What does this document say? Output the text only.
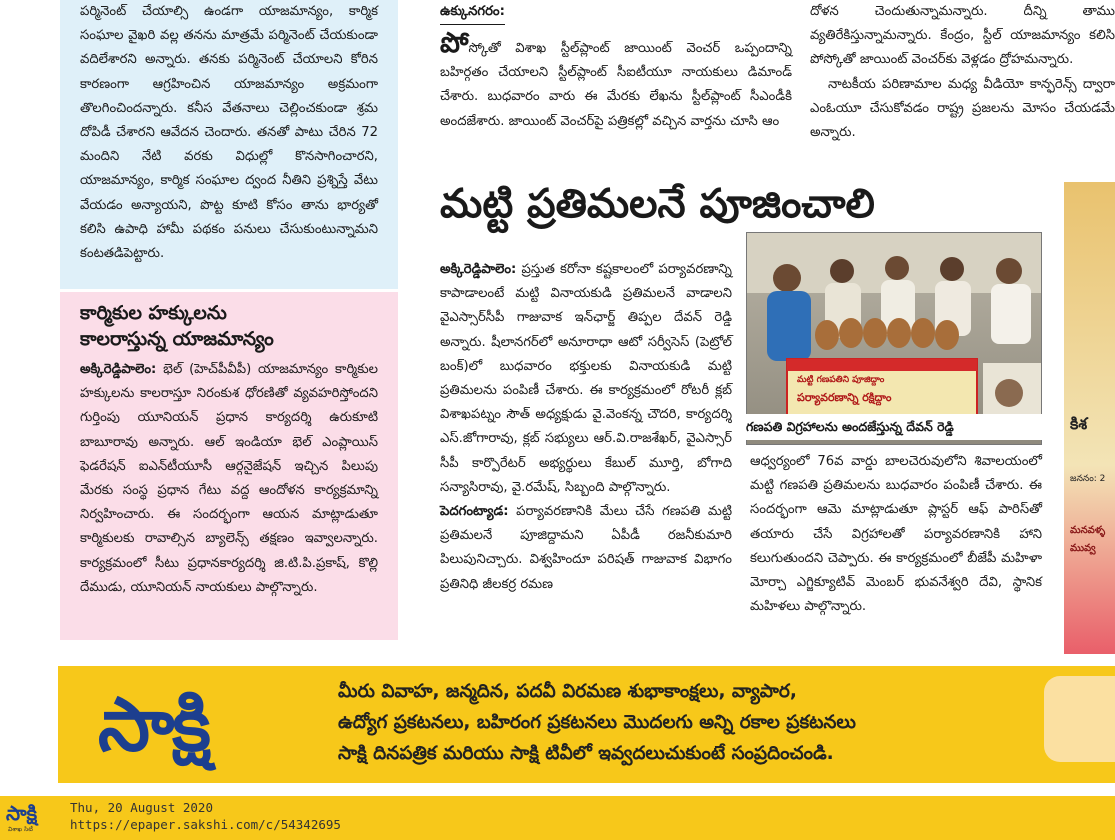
పర్మినెంట్ చేయాల్సి ఉండగా యాజమాన్యం, కార్మిక సంఘాల వైఖరి వల్ల తనను మాత్రమే పర్మినెంట్ చేయకుండా వదిలేశారని అన్నారు. తనకు పర్మినెంట్ చేయాలని కోరిన కారణంగా ఆగ్రహించిన యాజమాన్యం అక్రమంగా తొలగించిందన్నారు. కనీస వేతనాలు చెల్లించకుండా శ్రమ దోపిడీ చేశారని ఆవేదన చెందారు. తనతో పాటు చేరిన 72 మందిని నేటి వరకు విధుల్లో కొనసాగించారని, యాజమాన్యం, కార్మిక సంఘాల ద్వంద నీతిని ప్రశ్నిస్తే వేటు వేయడం అన్యాయని, పొట్ట కూటి కోసం తాను భార్యతో కలిసి ఉపాధి హామీ పథకం పనులు చేసుకుంటున్నామని కంటతడిపెట్టారు.

కార్మికుల హక్కులను
కాలరాస్తున్న యాజమాన్యం

అక్కిరెడ్డిపాలెం: భెల్ (హెచ్‌పీవీపీ) యాజమాన్యం కార్మికుల హక్కులను కాలరాస్తూ నిరంకుశ ధోరణితో వ్యవహరిస్తోందని గుర్తింపు యూనియన్ ప్రధాన కార్యదర్శి ఉరుకూటి బాబూరావు అన్నారు. ఆల్ ఇండియా భెల్ ఎంప్లాయిస్ ఫెడరేషన్ ఐఎన్‌టీయూసీ ఆర్గనైజేషన్ ఇచ్చిన పిలుపు మేరకు సంస్థ ప్రధాన గేటు వద్ద ఆందోళన కార్యక్రమాన్ని నిర్వహించారు. ఈ సందర్భంగా ఆయన మాట్లాడుతూ కార్మికులకు రావాల్సిన బ్యాలెన్స్ తక్షణం ఇవ్వాలన్నారు. కార్యక్రమంలో సీటు ప్రధానకార్యదర్శి జి.టి.పి.ప్రకాష్, కొల్లి దేముడు, యూనియన్ నాయకులు పాల్గొన్నారు.

ఉక్కునగరం:

పోస్కోతో విశాఖ స్టీల్‌ప్లాంట్ జాయింట్ వెంచర్ ఒప్పందాన్ని బహిర్గతం చేయాలని స్టీల్‌ప్లాంట్ సీఐటీయూ నాయకులు డిమాండ్ చేశారు. బుధవారం వారు ఈ మేరకు లేఖను స్టీల్‌ప్లాంట్ సీఎండీకి అందజేశారు. జాయింట్ వెంచర్‌పై పత్రికల్లో వచ్చిన వార్తను చూసి ఆం

దోళన చెందుతున్నామన్నారు. దీన్ని తాము వ్యతిరేకిస్తున్నామన్నారు. కేంద్రం, స్టీల్ యాజమాన్యం కలిసి పోస్కోతో జాయింట్ వెంచర్‌కు వెళ్లడం ద్రోహమన్నారు.

నాటకీయ పరిణామాల మధ్య వీడియో కాన్ఫరెన్స్ ద్వారా ఎంఓయూ చేసుకోవడం రాష్ట్ర ప్రజలను మోసం చేయడమే అన్నారు.

మట్టి ప్రతిమలనే పూజించాలి
మట్టి గణపతిని పూజిద్దాం
పర్యావరణాన్ని రక్షిద్దాం
గణపతి విగ్రహాలను అందజేస్తున్న దేవన్ రెడ్డి

అక్కిరెడ్డిపాలెం: ప్రస్తుత కరోనా కష్టకాలంలో పర్యావరణాన్ని కాపాడాలంటే మట్టి వినాయకుడి ప్రతిమలనే వాడాలని వైఎస్సార్‌సీపీ గాజువాక ఇన్‌ఛార్జ్ తిప్పల దేవన్ రెడ్డి అన్నారు. షీలానగర్‌లో అనూరాధా ఆటో సర్వీసెస్ (పెట్రోల్ బంక్)లో బుధవారం భక్తులకు వినాయకుడి మట్టి ప్రతిమలను పంపిణీ చేశారు. ఈ కార్యక్రమంలో రోటరీ క్లబ్ విశాఖపట్నం సౌత్ అధ్యక్షుడు వై.వెంకన్న చౌదరి, కార్యదర్శి ఎస్.జోగారావు, క్లబ్ సభ్యులు ఆర్.వి.రాజశేఖర్, వైఎస్సార్ సీపీ కార్పొరేటర్ అభ్యర్థులు కేబుల్ మూర్తి, బోగాది సన్యాసిరావు, వై.రమేష్, సిబ్బంది పాల్గొన్నారు.

పెదగంట్యాడ: పర్యావరణానికి మేలు చేసే గణపతి మట్టి ప్రతిమలనే పూజిద్దామని ఏపీడీ రజనీకుమారి పిలుపునిచ్చారు. విశ్వహిందూ పరిషత్ గాజువాక విభాగం ప్రతినిధి జీలకర్ర రమణ

ఆధ్వర్యంలో 76వ వార్డు బాలచెరువులోని శివాలయంలో మట్టి గణపతి ప్రతిమలను బుధవారం పంపిణీ చేశారు. ఈ సందర్భంగా ఆమె మాట్లాడుతూ ప్లాస్టర్ ఆఫ్ పారిస్‌తో తయారు చేసే విగ్రహాలతో పర్యావరణానికి హాని కలుగుతుందని చెప్పారు. ఈ కార్యక్రమంలో బీజేపీ మహిళా మోర్చా ఎగ్జిక్యూటివ్ మెంబర్ భువనేశ్వరి దేవి, స్థానిక మహిళలు పాల్గొన్నారు.

కిశ
జననం: 2
మనవళ్ళ
మువ్వ
సాక్షి	మీరు వివాహ, జన్మదిన, పదవీ విరమణ శుభాకాంక్షలు, వ్యాపార,
ఉద్యోగ ప్రకటనలు, బహిరంగ ప్రకటనలు మొదలగు అన్ని రకాల ప్రకటనలు
సాక్షి దినపత్రిక మరియు సాక్షి టివీలో ఇవ్వదలుచుకుంటే సంప్రదించండి.
సాక్షి
విశాఖ సిటీ
Thu, 20 August 2020
https://epaper.sakshi.com/c/54342695
